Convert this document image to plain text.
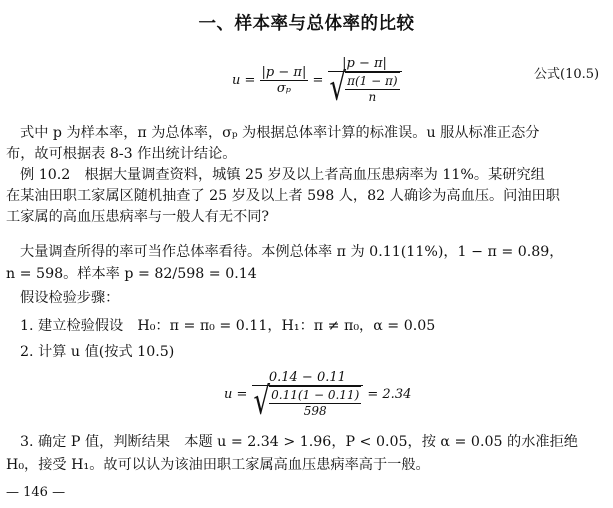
一、样本率与总体率的比较
$u = \frac{|p - \pi|}{\text{σₚ}} = \frac{|p - \pi|}{√ \frac{\pi(1 - \pi)}{n}}$	公式(10.5)
式中 p 为样本率，π 为总体率，σₚ 为根据总体率计算的标准误。u 服从标准正态分
布，故可根据表 8-3 作出统计结论。
例 10.2　根据大量调查资料，城镇 25 岁及以上者高血压患病率为 11%。某研究组
在某油田职工家属区随机抽查了 25 岁及以上者 598 人，82 人确诊为高血压。问油田职
工家属的高血压患病率与一般人有无不同?
大量调查所得的率可当作总体率看待。本例总体率 π 为 0.11(11%)，1 − π = 0.89，
n = 598。样本率 p = 82/598 = 0.14
假设检验步骤：
1. 建立检验假设　H₀：π = π₀ = 0.11，H₁：π ≠ π₀，α = 0.05
2. 计算 u 值(按式 10.5)
$u = \frac{0.14 - 0.11}{√ \frac{0.11(1 - 0.11)}{598}} = 2.34$
3. 确定 P 值，判断结果　本题 u = 2.34 > 1.96，P < 0.05，按 α = 0.05 的水准拒绝
H₀，接受 H₁。故可以认为该油田职工家属高血压患病率高于一般。
— 146 —
